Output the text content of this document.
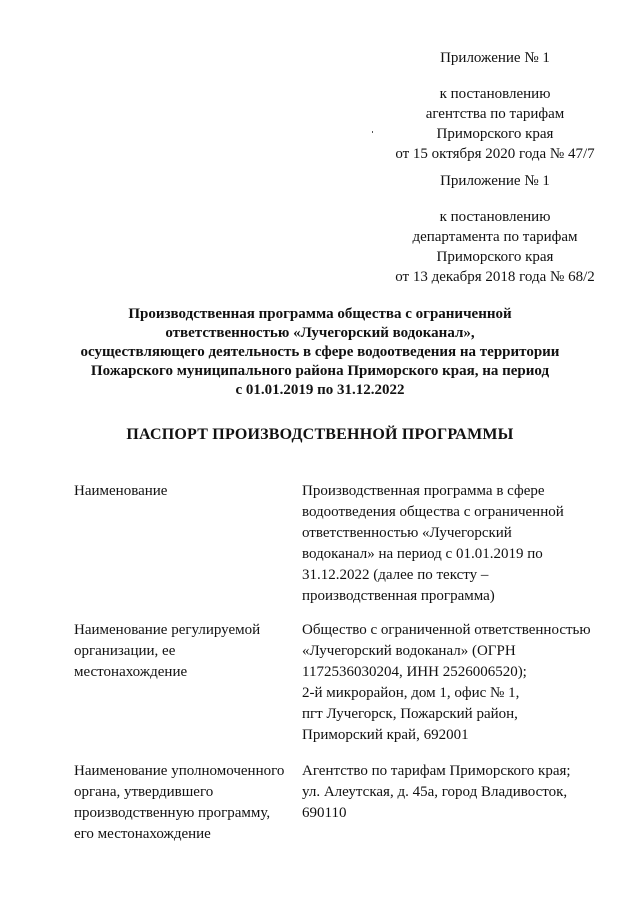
Приложение № 1
к постановлению
агентства по тарифам
Приморского края
от 15 октября 2020 года № 47/7
Приложение № 1
к постановлению
департамента по тарифам
Приморского края
от 13 декабря 2018 года № 68/2
Производственная программа общества с ограниченной
ответственностью «Лучегорский водоканал»,
осуществляющего деятельность в сфере водоотведения на территории
Пожарского муниципального района Приморского края, на период
с 01.01.2019 по 31.12.2022
ПАСПОРТ ПРОИЗВОДСТВЕННОЙ ПРОГРАММЫ
Наименование	Производственная программа в сфере
водоотведения общества с ограниченной
ответственностью «Лучегорский
водоканал» на период с 01.01.2019 по
31.12.2022 (далее по тексту –
производственная программа)
Наименование регулируемой
организации, ее
местонахождение
Общество с ограниченной ответственностью
«Лучегорский водоканал» (ОГРН
1172536030204, ИНН 2526006520);
2-й микрорайон, дом 1, офис № 1,
пгт Лучегорск, Пожарский район,
Приморский край, 692001
Наименование уполномоченного
органа, утвердившего
производственную программу,
его местонахождение
Агентство по тарифам Приморского края;
ул. Алеутская, д. 45а, город Владивосток,
690110
